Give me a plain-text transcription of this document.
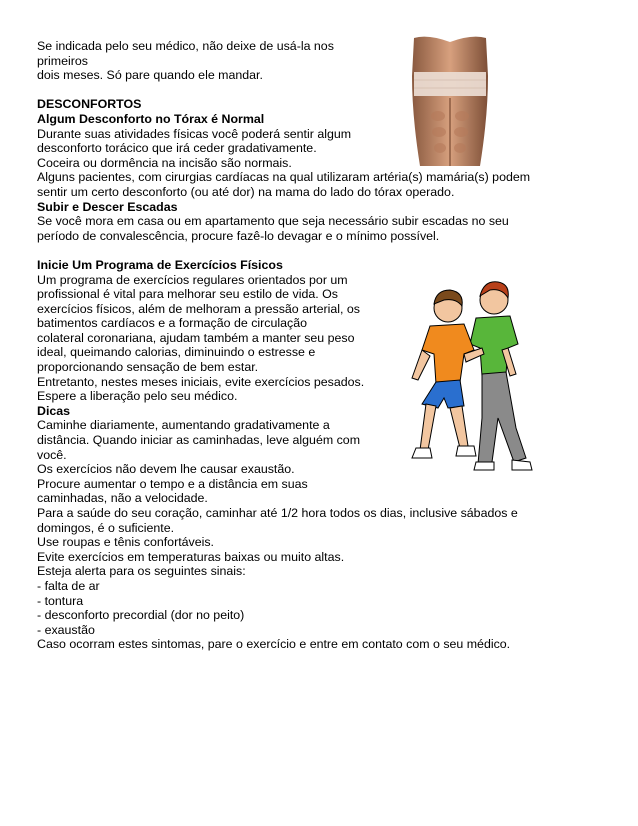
Se indicada pelo seu médico, não deixe de usá-la nos

primeiros

dois meses. Só pare quando ele mandar.

DESCONFORTOS

Algum Desconforto no Tórax é Normal

Durante suas atividades físicas você poderá sentir algum

desconforto torácico que irá ceder gradativamente.

Coceira ou dormência na incisão são normais.

Alguns pacientes, com cirurgias cardíacas na qual utilizaram artéria(s) mamária(s) podem

sentir um certo desconforto (ou até dor) na mama do lado do tórax operado.

Subir e Descer Escadas

Se você mora em casa ou em apartamento que seja necessário subir escadas no seu

período de convalescência, procure fazê-lo devagar e o mínimo possível.

Inicie Um Programa de Exercícios Físicos

Um programa de exercícios regulares orientados por um

profissional é vital para melhorar seu estilo de vida. Os

exercícios físicos, além de melhoram a pressão arterial, os

batimentos cardíacos e a formação de circulação

colateral coronariana, ajudam também a manter seu peso

ideal, queimando calorias, diminuindo o estresse e

proporcionando sensação de bem estar.

Entretanto, nestes meses iniciais, evite exercícios pesados.

Espere a liberação pelo seu médico.

Dicas

Caminhe diariamente, aumentando gradativamente a

distância. Quando iniciar as caminhadas, leve alguém com

você.

Os exercícios não devem lhe causar exaustão.

Procure aumentar o tempo e a distância em suas

caminhadas, não a velocidade.

Para a saúde do seu coração, caminhar até 1/2 hora todos os dias, inclusive sábados e

domingos, é o suficiente.

Use roupas e tênis confortáveis.

Evite exercícios em temperaturas baixas ou muito altas.

Esteja alerta para os seguintes sinais:

- falta de ar

- tontura

- desconforto precordial (dor no peito)

- exaustão

Caso ocorram estes sintomas, pare o exercício e entre em contato com o seu médico.
